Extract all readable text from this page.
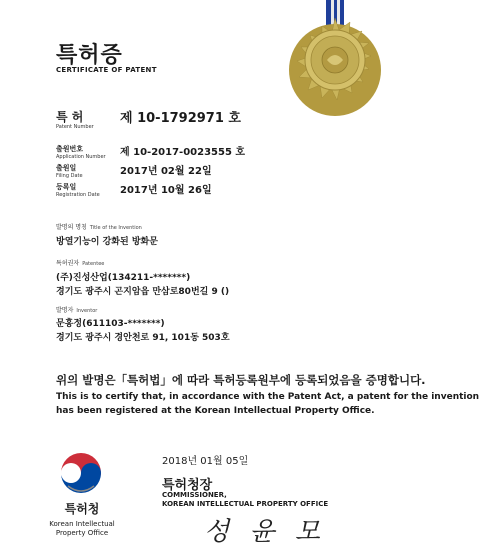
특허증
CERTIFICATE OF PATENT
특 허
Patent Number
제 10-1792971 호
출원번호
Application Number 제 10-2017-0023555 호
출원일
Filing Date	2017년 02월 22일
등록일
Registration Date 2017년 10월 26일
발명의 명칭 Title of the Invention
방열기능이 강화된 방화문
특허권자 Patentee
(주)진성산업(134211-*******)
경기도 광주시 곤지암읍 만삼로80번길 9 ()
발명자 Inventor
문홍정(611103-*******)
경기도 광주시 경안천로 91, 101동 503호
위의 발명은「특허법」에 따라 특허등록원부에 등록되었음을 증명합니다.
This is to certify that, in accordance with the Patent Act, a patent for the invention
has been registered at the Korean Intellectual Property Office.
2018년 01월 05일
특허청장
COMMISSIONER,
KOREAN INTELLECTUAL PROPERTY OFFICE
성 윤 모
특허청
Korean Intellectual Property Office
